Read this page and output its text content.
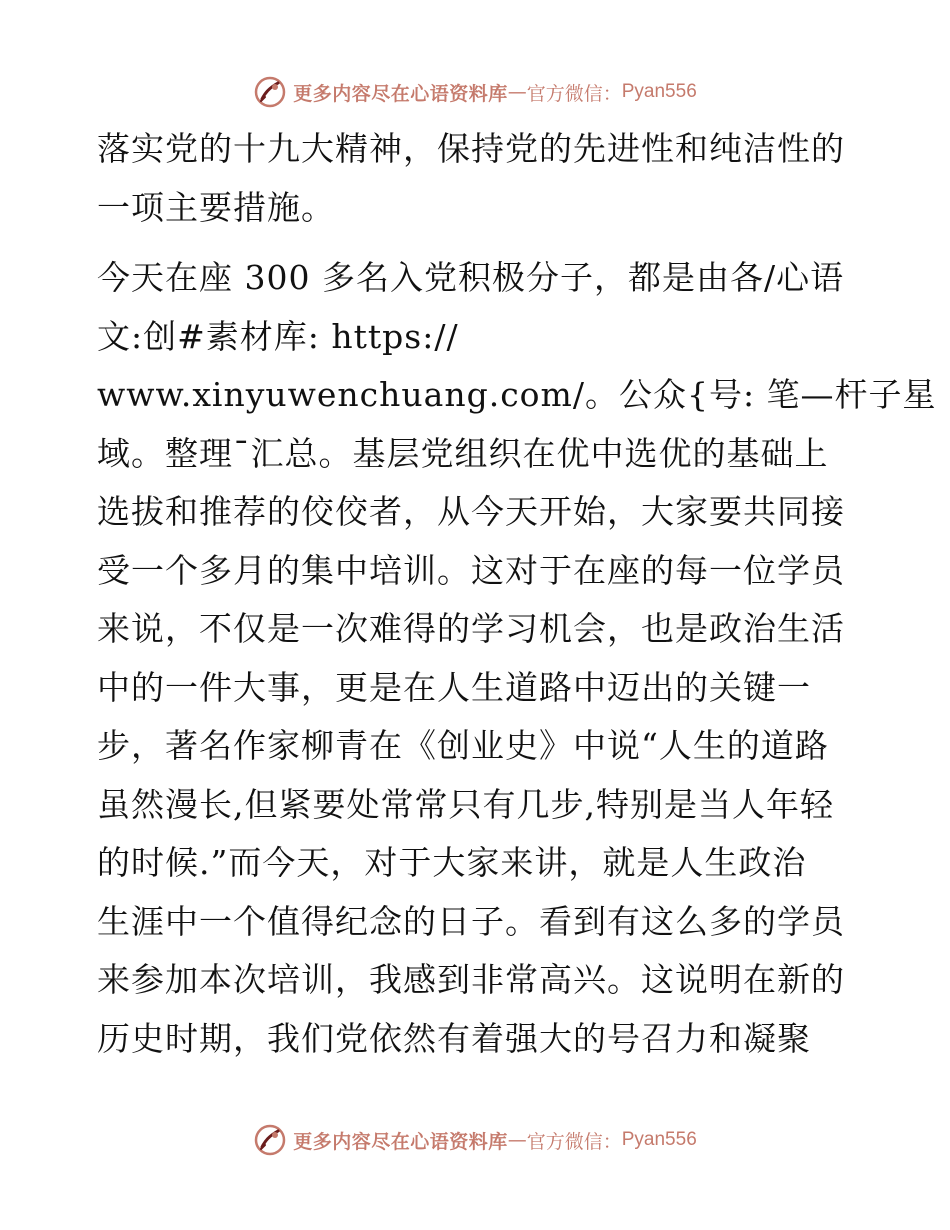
更多内容尽在心语资料库 — 官方微信： Pyan556
落实党的十九大精神，保持党的先进性和纯洁性的
一项主要措施。
今天在座 300 多名入党积极分子，都是由各/心语
文:创#素材库: https://
www.xinyuwenchuang.com/。公众{号: 笔—杆子星
域。整理¯汇总。基层党组织在优中选优的基础上
选拔和推荐的佼佼者，从今天开始，大家要共同接
受一个多月的集中培训。这对于在座的每一位学员
来说，不仅是一次难得的学习机会，也是政治生活
中的一件大事，更是在人生道路中迈出的关键一
步，著名作家柳青在《创业史》中说“人生的道路
虽然漫长,但紧要处常常只有几步,特别是当人年轻
的时候.”而今天，对于大家来讲，就是人生政治
生涯中一个值得纪念的日子。看到有这么多的学员
来参加本次培训，我感到非常高兴。这说明在新的
历史时期，我们党依然有着强大的号召力和凝聚
更多内容尽在心语资料库 — 官方微信： Pyan556
